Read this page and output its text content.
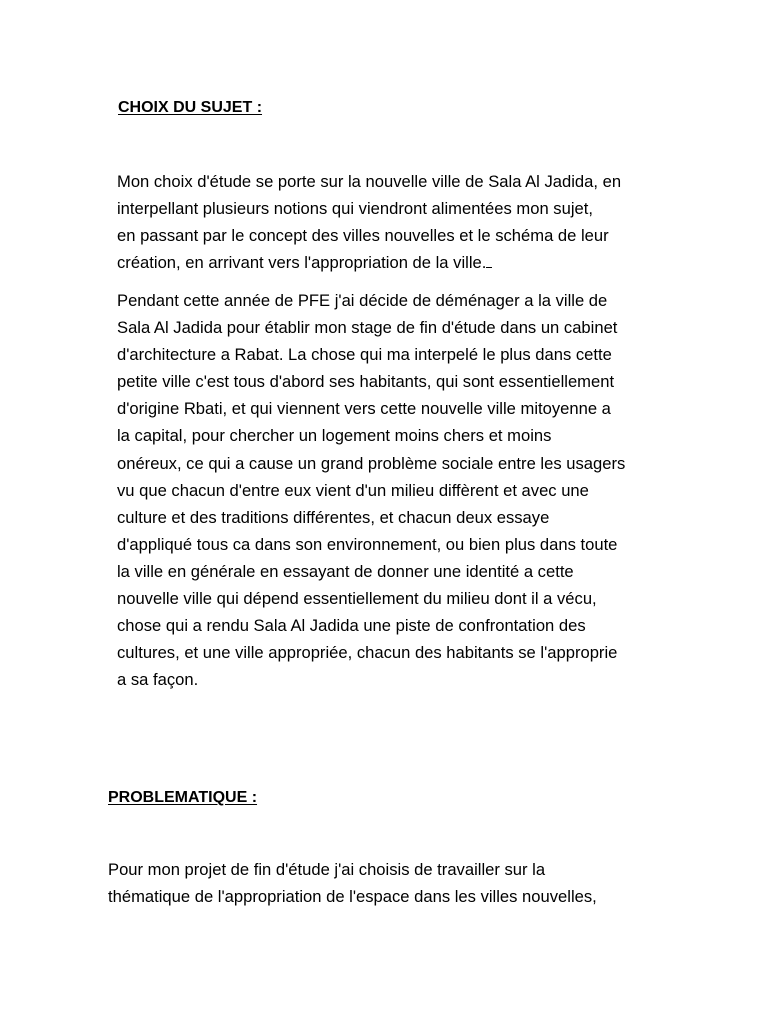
CHOIX DU SUJET :
Mon choix d'étude se porte sur la nouvelle ville de Sala Al Jadida, en
interpellant plusieurs notions qui viendront alimentées mon sujet,
en passant par le concept des villes nouvelles et le schéma de leur
création, en arrivant vers l'appropriation de la ville.
Pendant cette année de PFE j'ai décide de déménager a la ville de
Sala Al Jadida pour établir mon stage de fin d'étude dans un cabinet
d'architecture a Rabat. La chose qui ma interpelé le plus dans cette
petite ville c'est tous d'abord ses habitants, qui sont essentiellement
d'origine Rbati, et qui viennent vers cette nouvelle ville mitoyenne a
la capital, pour chercher un logement moins chers et moins
onéreux, ce qui a cause un grand problème sociale entre les usagers
vu que chacun d'entre eux vient d'un milieu diffèrent et avec une
culture et des traditions différentes, et chacun deux essaye
d'appliqué tous ca dans son environnement, ou bien plus dans toute
la ville en générale en essayant de donner une identité a cette
nouvelle ville qui dépend essentiellement du milieu dont il a vécu,
chose qui a rendu Sala Al Jadida une piste de confrontation des
cultures, et une ville appropriée, chacun des habitants se l'approprie
a sa façon.
PROBLEMATIQUE :
Pour mon projet de fin d'étude j'ai choisis de travailler sur la
thématique de l'appropriation de l'espace dans les villes nouvelles,
